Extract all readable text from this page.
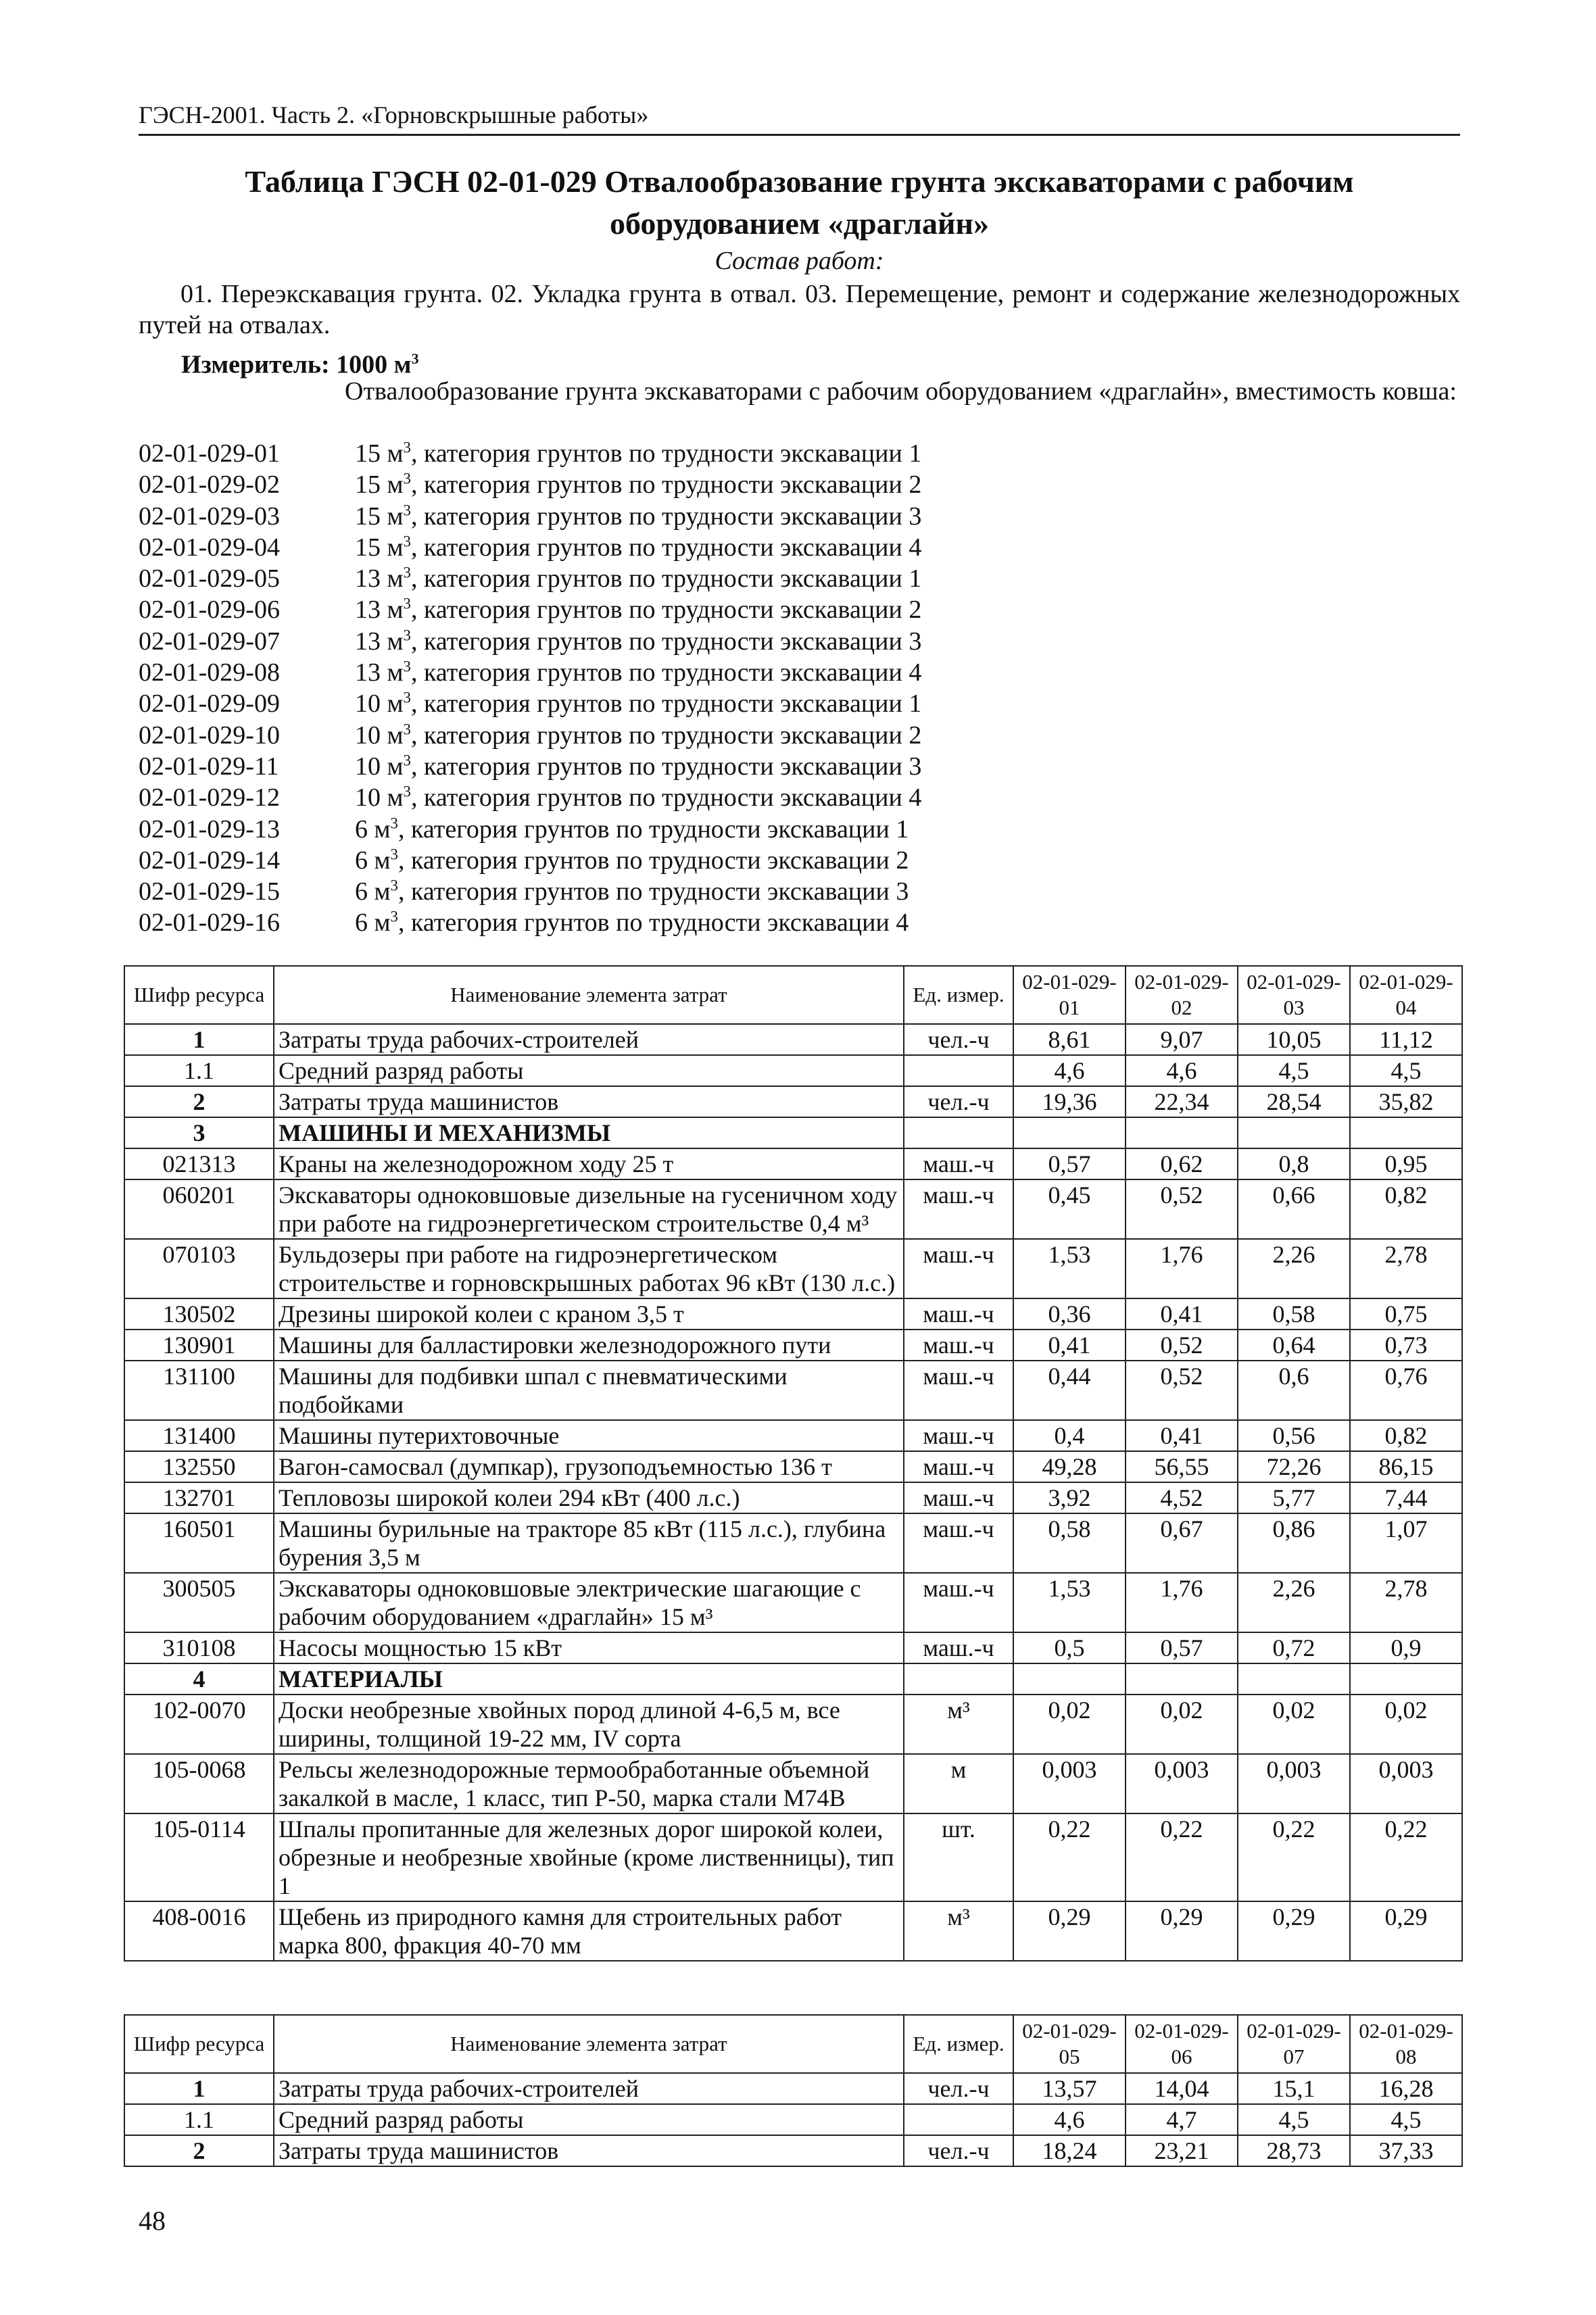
ГЭСН-2001. Часть 2. «Горновскрышные работы»
Таблица ГЭСН 02-01-029 Отвалообразование грунта экскаваторами с рабочим оборудованием «драглайн»
Состав работ:
01. Переэкскавация грунта. 02. Укладка грунта в отвал. 03. Перемещение, ремонт и содержание железнодорожных путей на отвалах.
Измеритель: 1000 $м^3$
Отвалообразование грунта экскаваторами с рабочим оборудованием «драглайн», вместимость ковша:
02-01-029-01	15 $м^3$, категория грунтов по трудности экскавации 1
02-01-029-02	15 $м^3$, категория грунтов по трудности экскавации 2
02-01-029-03	15 $м^3$, категория грунтов по трудности экскавации 3
02-01-029-04	15 $м^3$, категория грунтов по трудности экскавации 4
02-01-029-05	13 $м^3$, категория грунтов по трудности экскавации 1
02-01-029-06	13 $м^3$, категория грунтов по трудности экскавации 2
02-01-029-07	13 $м^3$, категория грунтов по трудности экскавации 3
02-01-029-08	13 $м^3$, категория грунтов по трудности экскавации 4
02-01-029-09	10 $м^3$, категория грунтов по трудности экскавации 1
02-01-029-10	10 $м^3$, категория грунтов по трудности экскавации 2
02-01-029-11	10 $м^3$, категория грунтов по трудности экскавации 3
02-01-029-12	10 $м^3$, категория грунтов по трудности экскавации 4
02-01-029-13	6 $м^3$, категория грунтов по трудности экскавации 1
02-01-029-14	6 $м^3$, категория грунтов по трудности экскавации 2
02-01-029-15	6 $м^3$, категория грунтов по трудности экскавации 3
02-01-029-16	6 $м^3$, категория грунтов по трудности экскавации 4
Шифр ресурса	Наименование элемента затрат	Ед. измер.	02-01-029-01	02-01-029-02	02-01-029-03	02-01-029-04
1	Затраты труда рабочих-строителей	чел.-ч	8,61	9,07	10,05	11,12
1.1	Средний разряд работы		4,6	4,6	4,5	4,5
2	Затраты труда машинистов	чел.-ч	19,36	22,34	28,54	35,82
3	МАШИНЫ И МЕХАНИЗМЫ					
021313	Краны на железнодорожном ходу 25 т	маш.-ч	0,57	0,62	0,8	0,95
060201	Экскаваторы одноковшовые дизельные на гусеничном ходу при работе на гидроэнергетическом строительстве 0,4 м³	маш.-ч	0,45	0,52	0,66	0,82
070103	Бульдозеры при работе на гидроэнергетическом строительстве и горновскрышных работах 96 кВт (130 л.с.)	маш.-ч	1,53	1,76	2,26	2,78
130502	Дрезины широкой колеи с краном 3,5 т	маш.-ч	0,36	0,41	0,58	0,75
130901	Машины для балластировки железнодорожного пути	маш.-ч	0,41	0,52	0,64	0,73
131100	Машины для подбивки шпал с пневматическими подбойками	маш.-ч	0,44	0,52	0,6	0,76
131400	Машины путерихтовочные	маш.-ч	0,4	0,41	0,56	0,82
132550	Вагон-самосвал (думпкар), грузоподъемностью 136 т	маш.-ч	49,28	56,55	72,26	86,15
132701	Тепловозы широкой колеи 294 кВт (400 л.с.)	маш.-ч	3,92	4,52	5,77	7,44
160501	Машины бурильные на тракторе 85 кВт (115 л.с.), глубина бурения 3,5 м	маш.-ч	0,58	0,67	0,86	1,07
300505	Экскаваторы одноковшовые электрические шагающие с рабочим оборудованием «драглайн» 15 м³	маш.-ч	1,53	1,76	2,26	2,78
310108	Насосы мощностью 15 кВт	маш.-ч	0,5	0,57	0,72	0,9
4	МАТЕРИАЛЫ					
102-0070	Доски необрезные хвойных пород длиной 4-6,5 м, все ширины, толщиной 19-22 мм, IV сорта	м³	0,02	0,02	0,02	0,02
105-0068	Рельсы железнодорожные термообработанные объемной закалкой в масле, 1 класс, тип Р-50, марка стали М74В	м	0,003	0,003	0,003	0,003
105-0114	Шпалы пропитанные для железных дорог широкой колеи, обрезные и необрезные хвойные (кроме лиственницы), тип 1	шт.	0,22	0,22	0,22	0,22
408-0016	Щебень из природного камня для строительных работ марка 800, фракция 40-70 мм	м³	0,29	0,29	0,29	0,29
Шифр ресурса	Наименование элемента затрат	Ед. измер.	02-01-029-05	02-01-029-06	02-01-029-07	02-01-029-08
1	Затраты труда рабочих-строителей	чел.-ч	13,57	14,04	15,1	16,28
1.1	Средний разряд работы		4,6	4,7	4,5	4,5
2	Затраты труда машинистов	чел.-ч	18,24	23,21	28,73	37,33
48
